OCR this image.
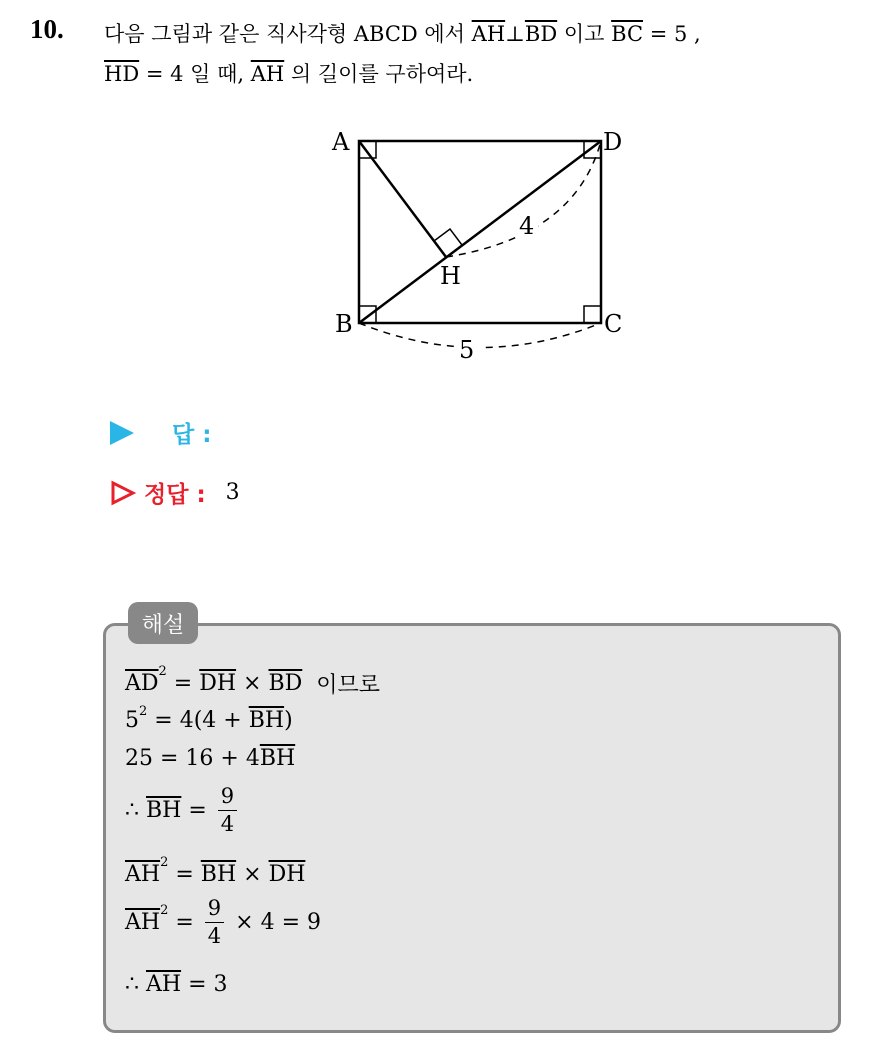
10. 다음 그림과 같은 직사각형 ABCD 에서 $\overline{AH}\perp\overline{BD}$ 이고 $\overline{BC} = 5$ ,
$\overline{HD} = 4$ 일 때, $\overline{AH}$ 의 길이를 구하여라.
A	D
B	C
H
4
5
답 :
정답 : 3
해설
$\overline{AD}$ $2 = \overline{DH} \times \overline{BD}$ 이므로
5 $2 = 4(4 + \overline{BH}$ )
25 = 16 + 4 $\overline{BH}$
∴ $\overline{BH} = \frac{9}{4}$
$\overline{AH}$ $2 = \overline{BH} \times \overline{DH}$
$\overline{AH}$ $2 = \frac{9}{4} \times 4 = 9$
∴ $\overline{AH} = 3$
